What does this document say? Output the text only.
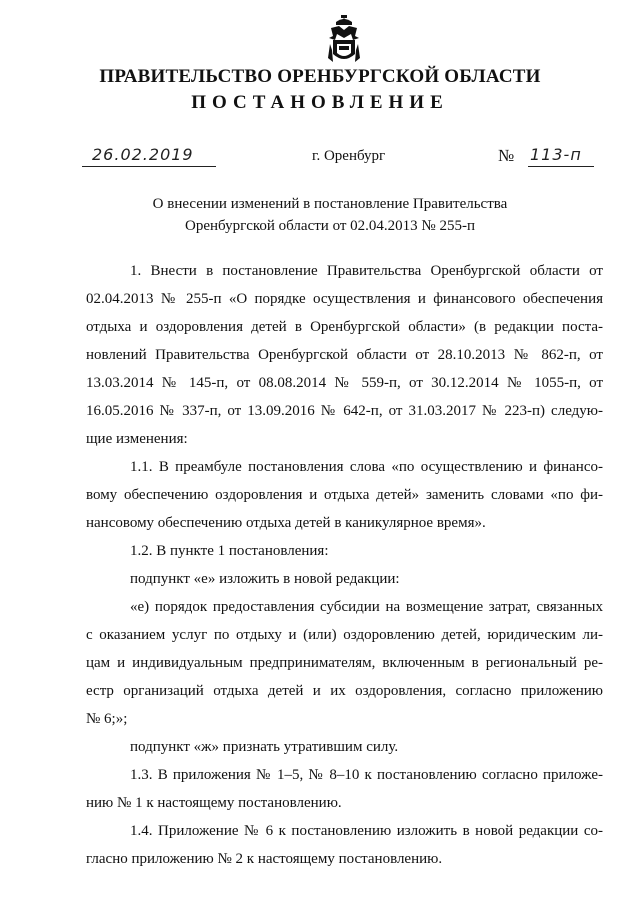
ПРАВИТЕЛЬСТВО ОРЕНБУРГСКОЙ ОБЛАСТИ
ПОСТАНОВЛЕНИЕ
26.02.2019	г. Оренбург	№ 113-п
О внесении изменений в постановление Правительства
Оренбургской области от 02.04.2013 № 255-п
1. Внести в постановление Правительства Оренбургской области от
02.04.2013 № 255-п «О порядке осуществления и финансового обеспечения
отдыха и оздоровления детей в Оренбургской области» (в редакции поста-
новлений Правительства Оренбургской области от 28.10.2013 № 862-п, от
13.03.2014 № 145-п, от 08.08.2014 № 559-п, от 30.12.2014 № 1055-п, от
16.05.2016 № 337-п, от 13.09.2016 № 642-п, от 31.03.2017 № 223-п) следую-
щие изменения:
1.1. В преамбуле постановления слова «по осуществлению и финансо-
вому обеспечению оздоровления и отдыха детей» заменить словами «по фи-
нансовому обеспечению отдыха детей в каникулярное время».
1.2. В пункте 1 постановления:
подпункт «е» изложить в новой редакции:
«е) порядок предоставления субсидии на возмещение затрат, связанных
с оказанием услуг по отдыху и (или) оздоровлению детей, юридическим ли-
цам и индивидуальным предпринимателям, включенным в региональный ре-
естр организаций отдыха детей и их оздоровления, согласно приложению
№ 6;»;
подпункт «ж» признать утратившим силу.
1.3. В приложения № 1–5, № 8–10 к постановлению согласно приложе-
нию № 1 к настоящему постановлению.
1.4. Приложение № 6 к постановлению изложить в новой редакции со-
гласно приложению № 2 к настоящему постановлению.
